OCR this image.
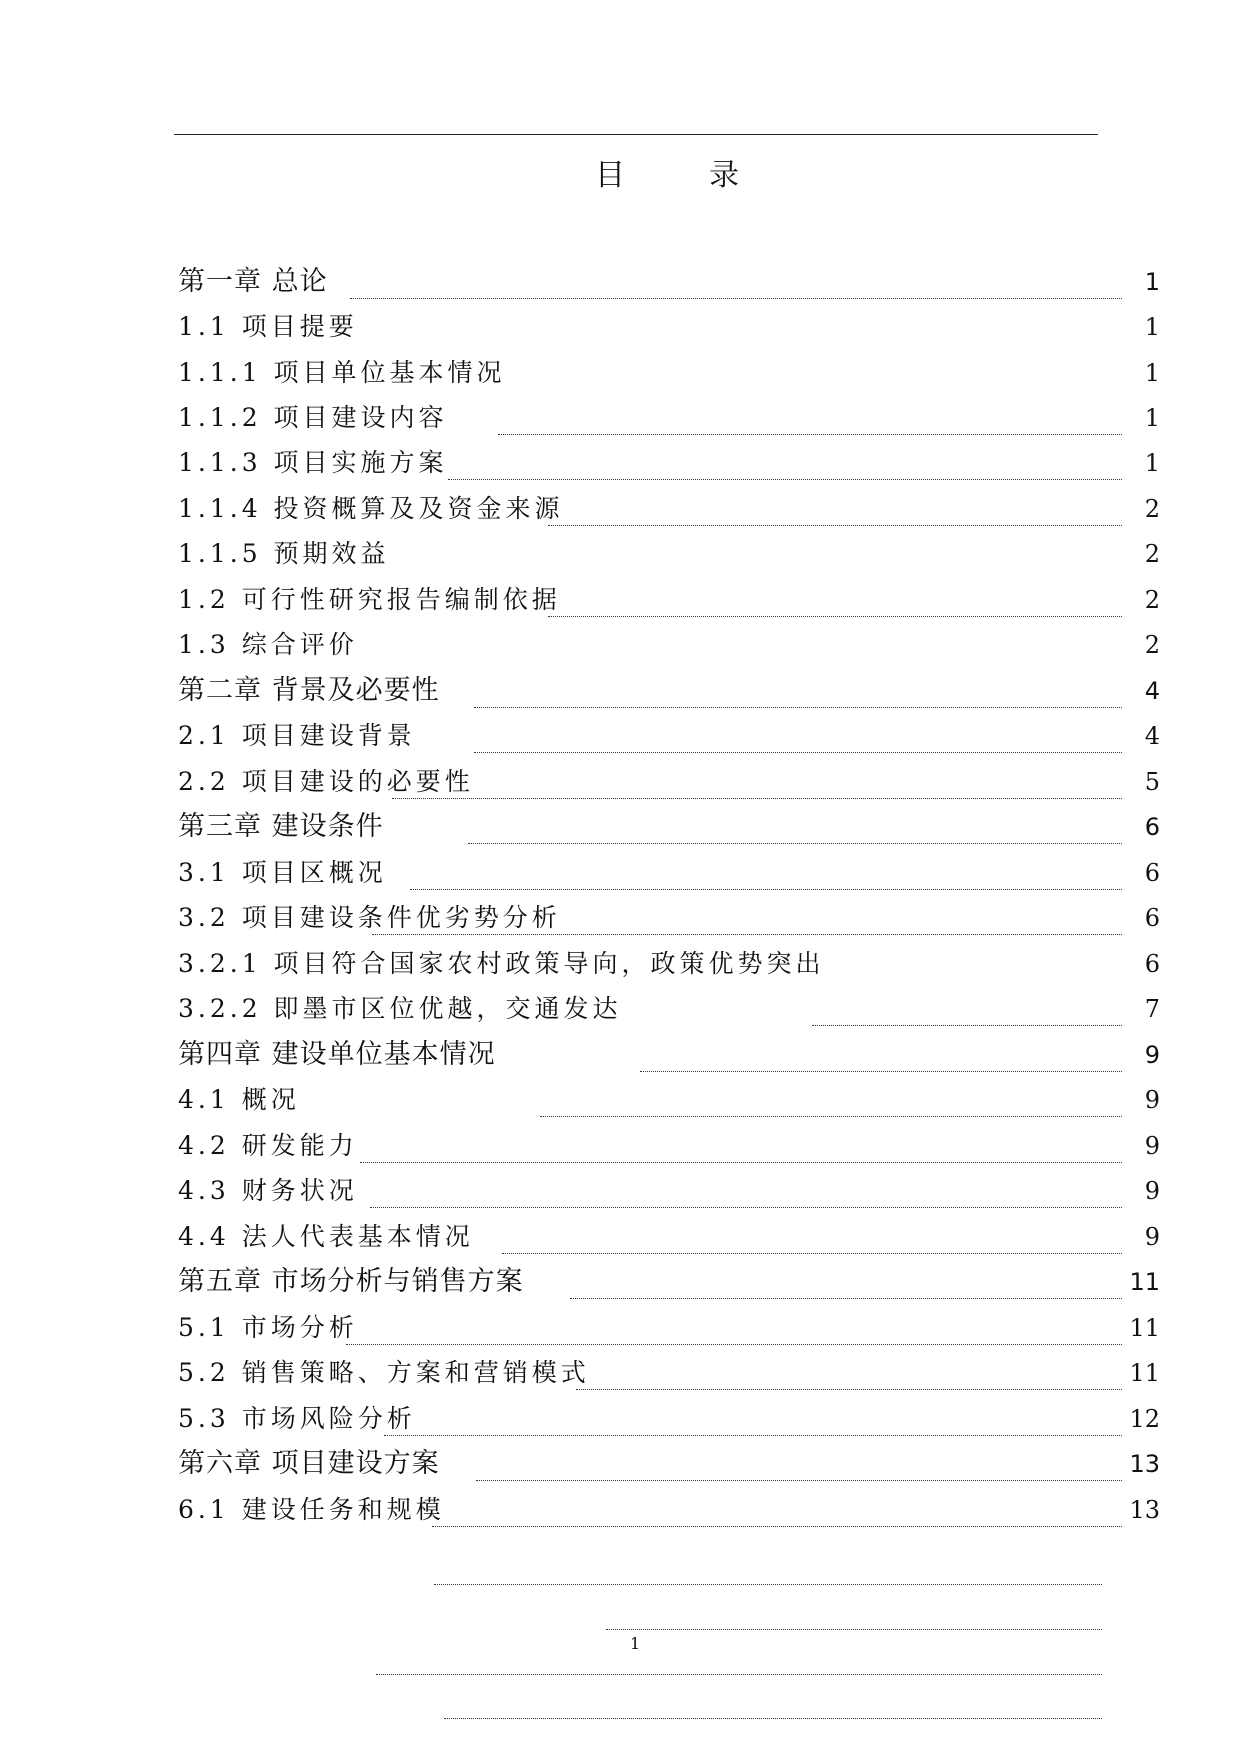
目录
第一章 总论	1
1.1 项目提要	1
1.1.1 项目单位基本情况	1
1.1.2 项目建设内容	1
1.1.3 项目实施方案	1
1.1.4 投资概算及及资金来源	2
1.1.5 预期效益	2
1.2 可行性研究报告编制依据	2
1.3 综合评价	2
第二章 背景及必要性	4
2.1 项目建设背景	4
2.2 项目建设的必要性	5
第三章 建设条件	6
3.1 项目区概况	6
3.2 项目建设条件优劣势分析	6
3.2.1 项目符合国家农村政策导向，政策优势突出	6
3.2.2 即墨市区位优越，交通发达	7
第四章 建设单位基本情况	9
4.1 概况	9
4.2 研发能力	9
4.3 财务状况	9
4.4 法人代表基本情况	9
第五章 市场分析与销售方案	11
5.1 市场分析	11
5.2 销售策略、方案和营销模式	11
5.3 市场风险分析	12
第六章 项目建设方案	13
6.1 建设任务和规模	13
1
